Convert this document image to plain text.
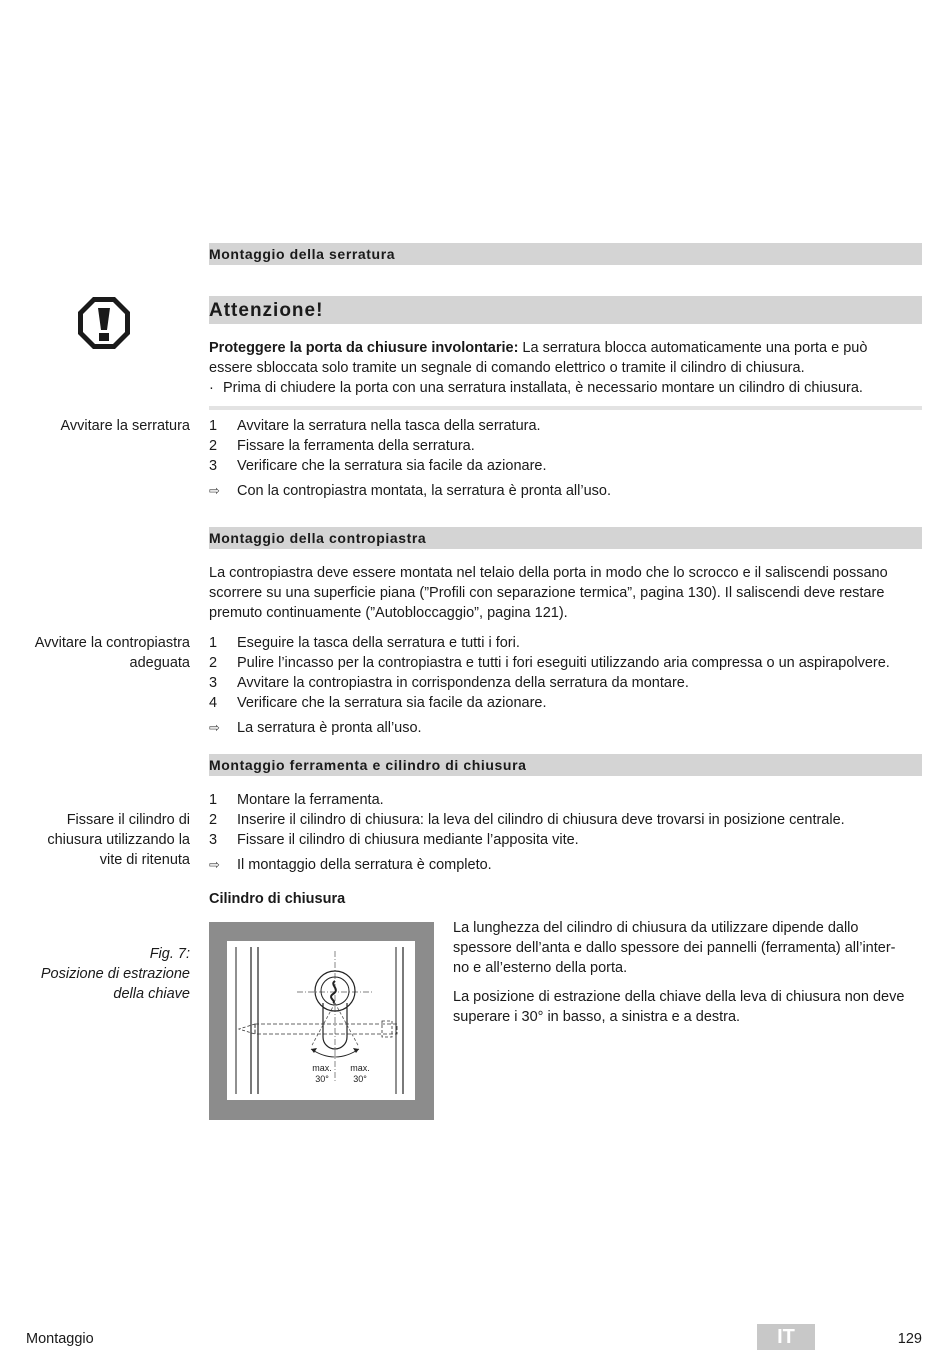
Montaggio della serratura
Attenzione!
Proteggere la porta da chiusure involontarie: La serratura blocca automaticamente una porta e può
essere sbloccata solo tramite un segnale di comando elettrico o tramite il cilindro di chiusura.
· Prima di chiudere la porta con una serratura installata, è necessario montare un cilindro di chiusura.
Avvitare la serratura 1 Avvitare la serratura nella tasca della serratura.
2 Fissare la ferramenta della serratura.
3 Verificare che la serratura sia facile da azionare.
⇨ Con la contropiastra montata, la serratura è pronta all’uso.
Montaggio della contropiastra
La contropiastra deve essere montata nel telaio della porta in modo che lo scrocco e il saliscendi possano
scorrere su una superficie piana (”Profili con separazione termica”, pagina 130). Il saliscendi deve restare
premuto continuamente (”Autobloccaggio”, pagina 121).
Avvitare la contropiastra
adeguata
1 Eseguire la tasca della serratura e tutti i fori.
2 Pulire l’incasso per la contropiastra e tutti i fori eseguiti utilizzando aria compressa o un aspirapolvere.
3 Avvitare la contropiastra in corrispondenza della serratura da montare.
4 Verificare che la serratura sia facile da azionare.
⇨ La serratura è pronta all’uso.
Montaggio ferramenta e cilindro di chiusura
Fissare il cilindro di
chiusura utilizzando la
vite di ritenuta
1 Montare la ferramenta.
2 Inserire il cilindro di chiusura: la leva del cilindro di chiusura deve trovarsi in posizione centrale.
3 Fissare il cilindro di chiusura mediante l’apposita vite.
⇨ Il montaggio della serratura è completo.
Cilindro di chiusura
Fig. 7:
Posizione di estrazione
della chiave
max.
30°
max.
30°
La lunghezza del cilindro di chiusura da utilizzare dipende dallo
spessore dell’anta e dallo spessore dei pannelli (ferramenta) all’inter-
no e all’esterno della porta.
La posizione di estrazione della chiave della leva di chiusura non deve
superare i 30° in basso, a sinistra e a destra.
Montaggio	IT	129
